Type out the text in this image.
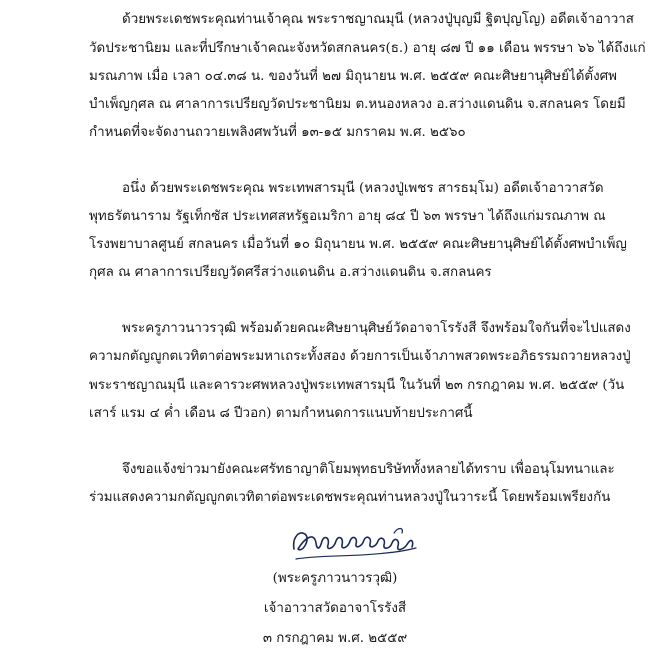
ด้วยพระเดชพระคุณท่านเจ้าคุณ พระราชญาณมุนี (หลวงปู่บุญมี ฐิตปุญโญ) อดีตเจ้าอาวาส
วัดประชานิยม และที่ปรึกษาเจ้าคณะจังหวัดสกลนคร(ธ.) อายุ ๘๗ ปี ๑๑ เดือน พรรษา ๖๖ ได้ถึงแก่
มรณภาพ เมื่อ เวลา ๐๔.๓๘ น. ของวันที่ ๒๗ มิถุนายน พ.ศ. ๒๕๕๙ คณะศิษยานุศิษย์ได้ตั้งศพ
บำเพ็ญกุศล ณ ศาลาการเปรียญวัดประชานิยม ต.หนองหลวง อ.สว่างแดนดิน จ.สกลนคร โดยมี
กำหนดที่จะจัดงานถวายเพลิงศพวันที่ ๑๓-๑๕ มกราคม พ.ศ. ๒๕๖๐
อนึ่ง ด้วยพระเดชพระคุณ พระเทพสารมุนี (หลวงปู่เพชร สารธมฺโม) อดีตเจ้าอาวาสวัด
พุทธรัตนาราม รัฐเท็กซัส ประเทศสหรัฐอเมริกา อายุ ๘๔ ปี ๖๓ พรรษา ได้ถึงแก่มรณภาพ ณ
โรงพยาบาลศูนย์ สกลนคร เมื่อวันที่ ๑๐ มิถุนายน พ.ศ. ๒๕๕๙ คณะศิษยานุศิษย์ได้ตั้งศพบำเพ็ญ
กุศล ณ ศาลาการเปรียญวัดศรีสว่างแดนดิน อ.สว่างแดนดิน จ.สกลนคร
พระครูภาวนาวรวุฒิ พร้อมด้วยคณะศิษยานุศิษย์วัดอาจาโรรังสี จึงพร้อมใจกันที่จะไปแสดง
ความกตัญญูกตเวทิตาต่อพระมหาเถระทั้งสอง ด้วยการเป็นเจ้าภาพสวดพระอภิธรรมถวายหลวงปู่
พระราชญาณมุนี และคารวะศพหลวงปู่พระเทพสารมุนี ในวันที่ ๒๓ กรกฎาคม พ.ศ. ๒๕๕๙ (วัน
เสาร์ แรม ๔ ค่ำ เดือน ๘ ปีวอก) ตามกำหนดการแนบท้ายประกาศนี้
จึงขอแจ้งข่าวมายังคณะศรัทธาญาติโยมพุทธบริษัททั้งหลายได้ทราบ เพื่ออนุโมทนาและ
ร่วมแสดงความกตัญญูกตเวทิตาต่อพระเดชพระคุณท่านหลวงปู่ในวาระนี้ โดยพร้อมเพรียงกัน
(พระครูภาวนาวรวุฒิ)
เจ้าอาวาสวัดอาจาโรรังสี
๓ กรกฎาคม พ.ศ. ๒๕๕๙
